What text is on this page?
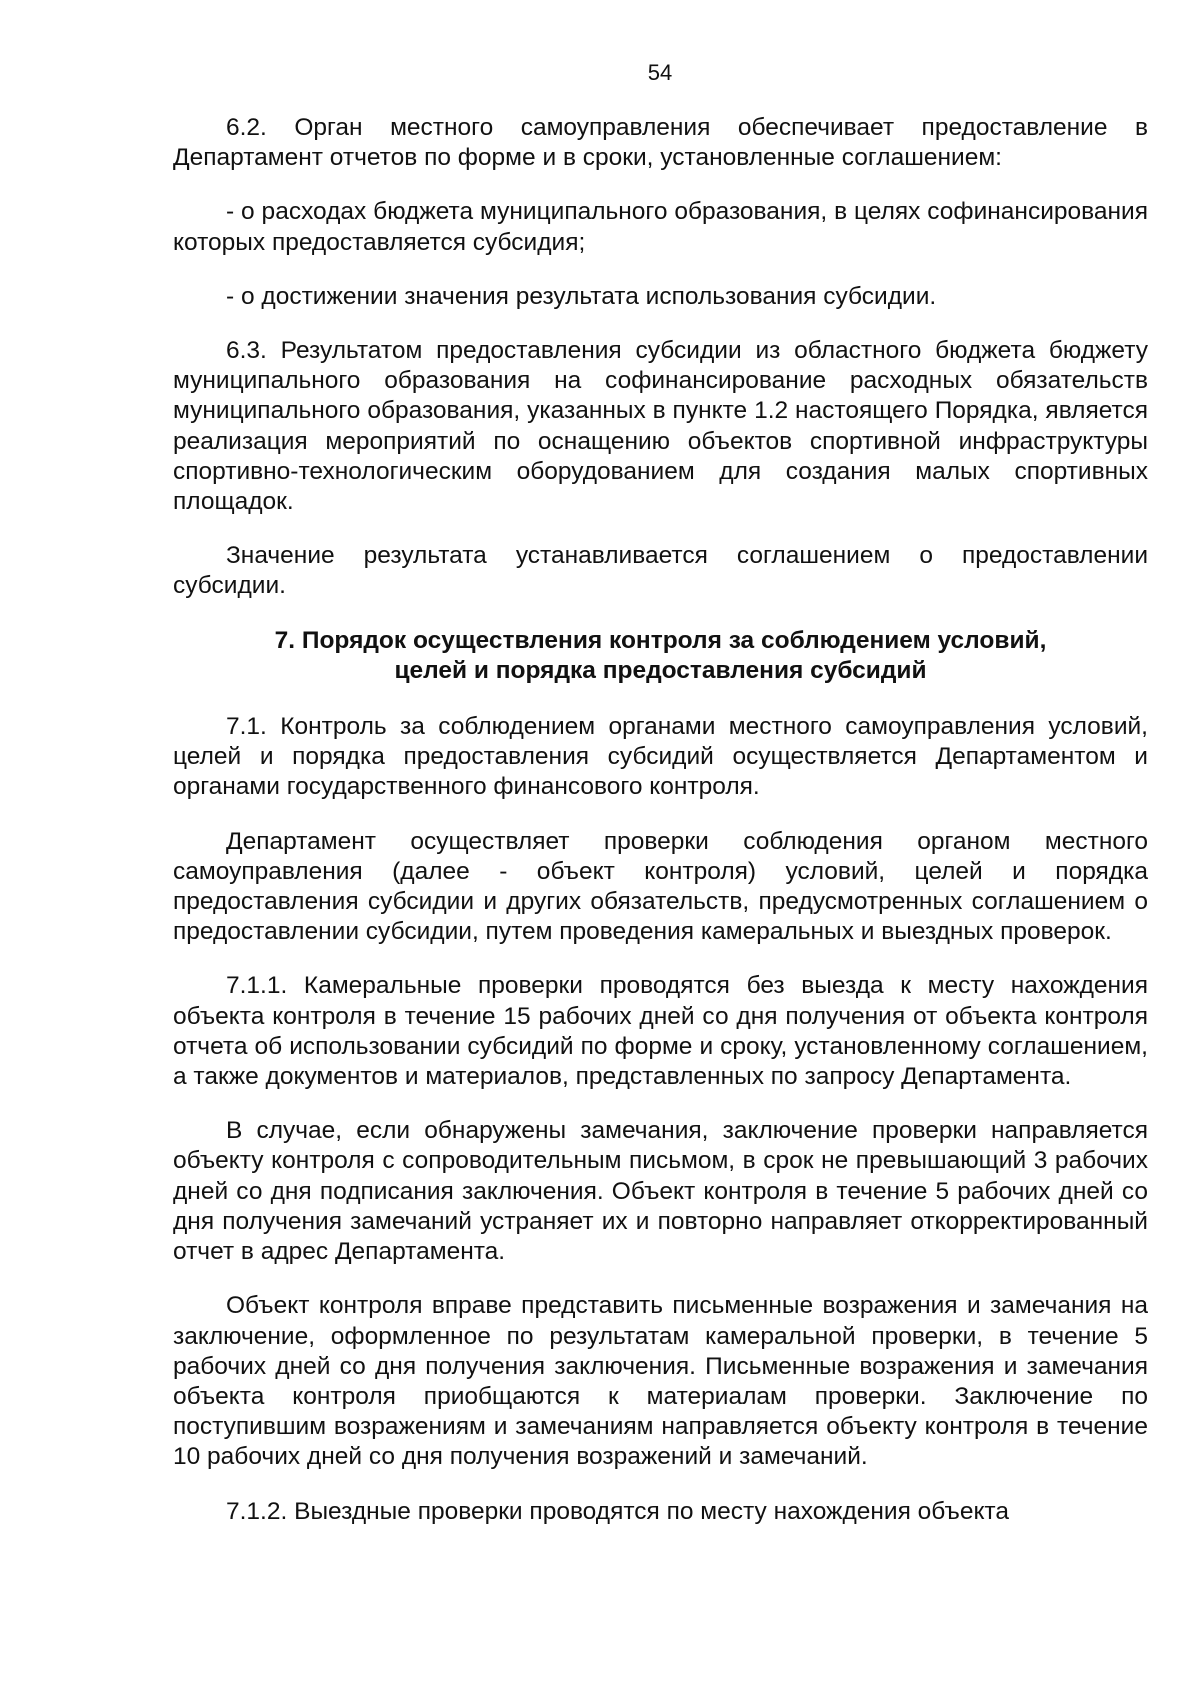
54

6.2. Орган местного самоуправления обеспечивает предоставление в Департамент отчетов по форме и в сроки, установленные соглашением:

- о расходах бюджета муниципального образования, в целях софинансирования которых предоставляется субсидия;

- о достижении значения результата использования субсидии.

6.3. Результатом предоставления субсидии из областного бюджета бюджету муниципального образования на софинансирование расходных обязательств муниципального образования, указанных в пункте 1.2 настоящего Порядка, является реализация мероприятий по оснащению объектов спортивной инфраструктуры спортивно-технологическим оборудованием для создания малых спортивных площадок.

Значение результата устанавливается соглашением о предоставлении субсидии.

7. Порядок осуществления контроля за соблюдением условий,
целей и порядка предоставления субсидий

7.1. Контроль за соблюдением органами местного самоуправления условий, целей и порядка предоставления субсидий осуществляется Департаментом и органами государственного финансового контроля.

Департамент осуществляет проверки соблюдения органом местного самоуправления (далее - объект контроля) условий, целей и порядка предоставления субсидии и других обязательств, предусмотренных соглашением о предоставлении субсидии, путем проведения камеральных и выездных проверок.

7.1.1. Камеральные проверки проводятся без выезда к месту нахождения объекта контроля в течение 15 рабочих дней со дня получения от объекта контроля отчета об использовании субсидий по форме и сроку, установленному соглашением, а также документов и материалов, представленных по запросу Департамента.

В случае, если обнаружены замечания, заключение проверки направляется объекту контроля с сопроводительным письмом, в срок не превышающий 3 рабочих дней со дня подписания заключения. Объект контроля в течение 5 рабочих дней со дня получения замечаний устраняет их и повторно направляет откорректированный отчет в адрес Департамента.

Объект контроля вправе представить письменные возражения и замечания на заключение, оформленное по результатам камеральной проверки, в течение 5 рабочих дней со дня получения заключения. Письменные возражения и замечания объекта контроля приобщаются к материалам проверки. Заключение по поступившим возражениям и замечаниям направляется объекту контроля в течение 10 рабочих дней со дня получения возражений и замечаний.

7.1.2. Выездные проверки проводятся по месту нахождения объекта
